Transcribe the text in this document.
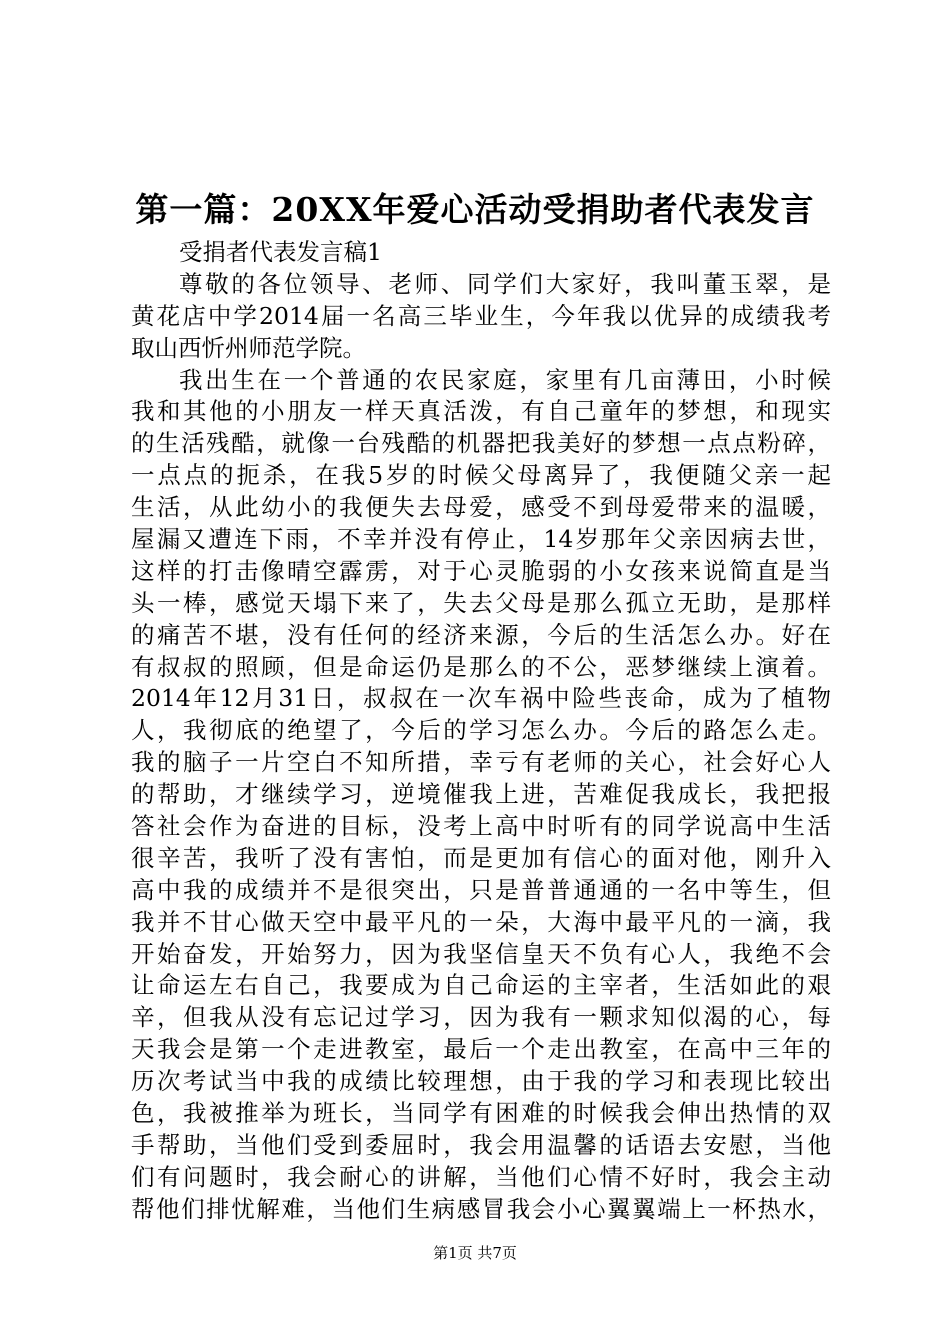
第一篇：20XX年爱心活动受捐助者代表发言
受捐者代表发言稿1
尊敬的各位领导、老师、同学们大家好，我叫董玉翠，是
黄花店中学2014届一名高三毕业生，今年我以优异的成绩我考
取山西忻州师范学院。
我出生在一个普通的农民家庭，家里有几亩薄田，小时候
我和其他的小朋友一样天真活泼，有自己童年的梦想，和现实
的生活残酷，就像一台残酷的机器把我美好的梦想一点点粉碎，
一点点的扼杀，在我5岁的时候父母离异了，我便随父亲一起
生活，从此幼小的我便失去母爱，感受不到母爱带来的温暖，
屋漏又遭连下雨，不幸并没有停止，14岁那年父亲因病去世，
这样的打击像晴空霹雳，对于心灵脆弱的小女孩来说简直是当
头一棒，感觉天塌下来了，失去父母是那么孤立无助，是那样
的痛苦不堪，没有任何的经济来源，今后的生活怎么办。好在
有叔叔的照顾，但是命运仍是那么的不公，恶梦继续上演着。
2014年12月31日，叔叔在一次车祸中险些丧命，成为了植物
人，我彻底的绝望了，今后的学习怎么办。今后的路怎么走。
我的脑子一片空白不知所措，幸亏有老师的关心，社会好心人
的帮助，才继续学习，逆境催我上进，苦难促我成长，我把报
答社会作为奋进的目标，没考上高中时听有的同学说高中生活
很辛苦，我听了没有害怕，而是更加有信心的面对他，刚升入
高中我的成绩并不是很突出，只是普普通通的一名中等生，但
我并不甘心做天空中最平凡的一朵，大海中最平凡的一滴，我
开始奋发，开始努力，因为我坚信皇天不负有心人，我绝不会
让命运左右自己，我要成为自己命运的主宰者，生活如此的艰
辛，但我从没有忘记过学习，因为我有一颗求知似渴的心，每
天我会是第一个走进教室，最后一个走出教室，在高中三年的
历次考试当中我的成绩比较理想，由于我的学习和表现比较出
色，我被推举为班长，当同学有困难的时候我会伸出热情的双
手帮助，当他们受到委屈时，我会用温馨的话语去安慰，当他
们有问题时，我会耐心的讲解，当他们心情不好时，我会主动
帮他们排忧解难，当他们生病感冒我会小心翼翼端上一杯热水，
第1页 共7页
